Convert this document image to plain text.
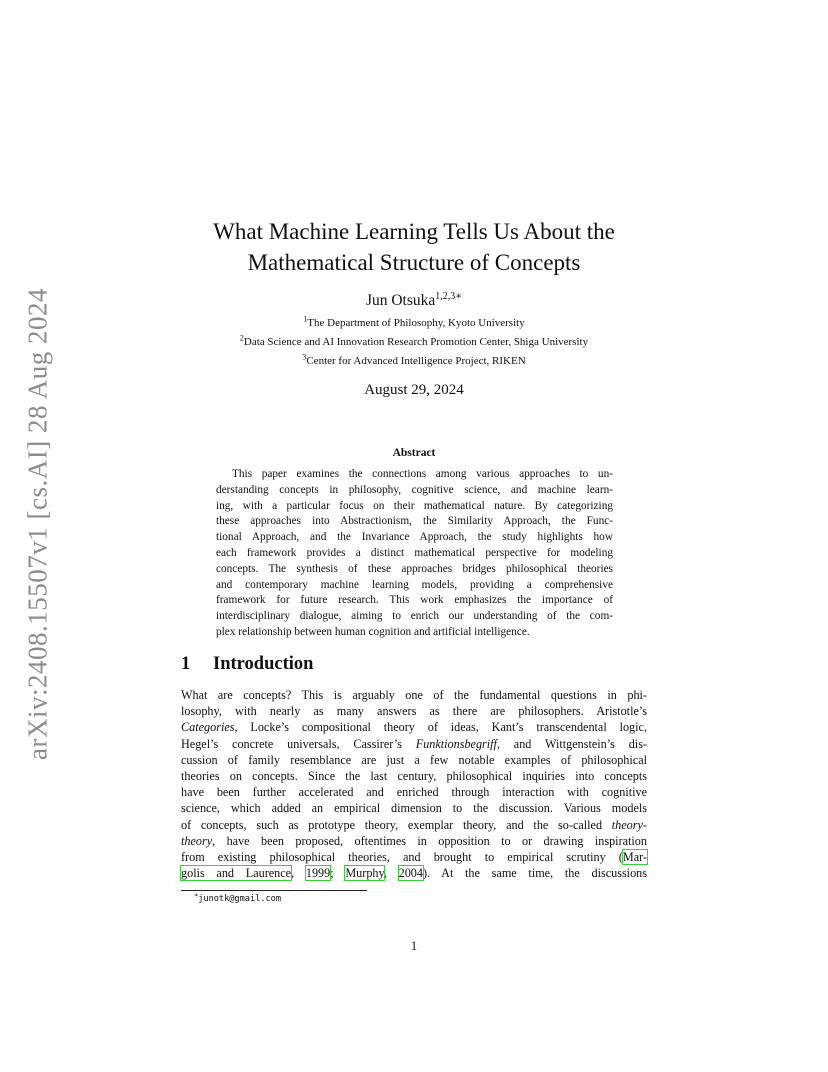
arXiv:2408.15507v1 [cs.AI] 28 Aug 2024
What Machine Learning Tells Us About the
Mathematical Structure of Concepts
Jun Otsuka$^{1,2,3∗}$
$^1$The Department of Philosophy, Kyoto University
$^2$Data Science and AI Innovation Research Promotion Center, Shiga University
$^3$Center for Advanced Intelligence Project, RIKEN
August 29, 2024
Abstract
This paper examines the connections among various approaches to un-
derstanding concepts in philosophy, cognitive science, and machine learn-
ing, with a particular focus on their mathematical nature. By categorizing
these approaches into Abstractionism, the Similarity Approach, the Func-
tional Approach, and the Invariance Approach, the study highlights how
each framework provides a distinct mathematical perspective for modeling
concepts. The synthesis of these approaches bridges philosophical theories
and contemporary machine learning models, providing a comprehensive
framework for future research. This work emphasizes the importance of
interdisciplinary dialogue, aiming to enrich our understanding of the com-
plex relationship between human cognition and artificial intelligence.
1 Introduction
What are concepts? This is arguably one of the fundamental questions in phi-
losophy, with nearly as many answers as there are philosophers. Aristotle’s
Categories, Locke’s compositional theory of ideas, Kant’s transcendental logic,
Hegel’s concrete universals, Cassirer’s Funktionsbegriff, and Wittgenstein’s dis-
cussion of family resemblance are just a few notable examples of philosophical
theories on concepts. Since the last century, philosophical inquiries into concepts
have been further accelerated and enriched through interaction with cognitive
science, which added an empirical dimension to the discussion. Various models
of concepts, such as prototype theory, exemplar theory, and the so-called theory-
theory, have been proposed, oftentimes in opposition to or drawing inspiration
from existing philosophical theories, and brought to empirical scrutiny (Mar-
golis and Laurence, 1999; Murphy, 2004). At the same time, the discussions
∗junotk@gmail.com
1
